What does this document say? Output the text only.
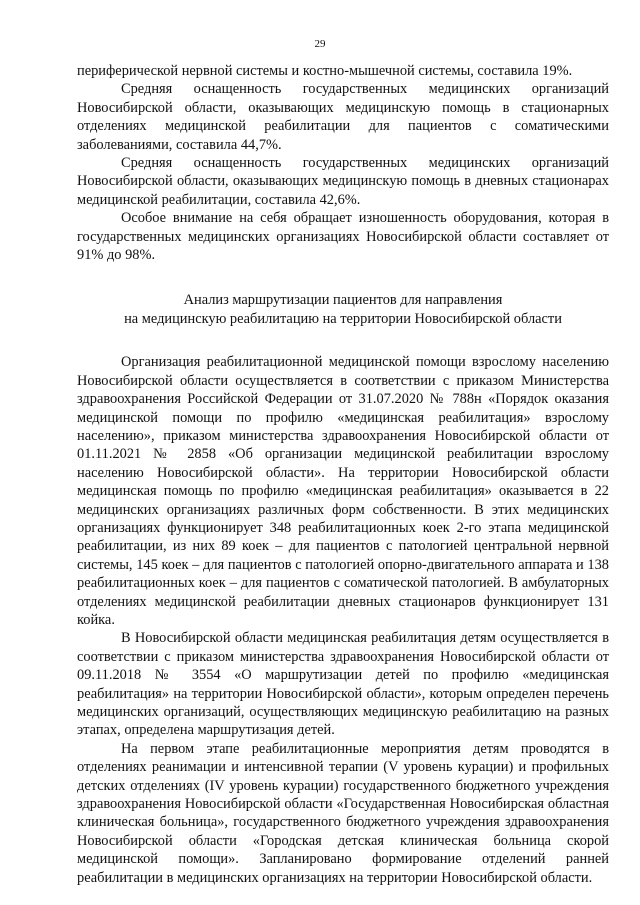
29

периферической нервной системы и костно-мышечной системы, составила 19%.

Средняя оснащенность государственных медицинских организаций Новосибирской области, оказывающих медицинскую помощь в стационарных отделениях медицинской реабилитации для пациентов с соматическими заболеваниями, составила 44,7%.

Средняя оснащенность государственных медицинских организаций Новосибирской области, оказывающих медицинскую помощь в дневных стационарах медицинской реабилитации, составила 42,6%.

Особое внимание на себя обращает изношенность оборудования, которая в государственных медицинских организациях Новосибирской области составляет от 91% до 98%.

Анализ маршрутизации пациентов для направления
на медицинскую реабилитацию на территории Новосибирской области

Организация реабилитационной медицинской помощи взрослому населению Новосибирской области осуществляется в соответствии с приказом Министерства здравоохранения Российской Федерации от 31.07.2020 № 788н «Порядок оказания медицинской помощи по профилю «медицинская реабилитация» взрослому населению», приказом министерства здравоохранения Новосибирской области от 01.11.2021 № 2858 «Об организации медицинской реабилитации взрослому населению Новосибирской области». На территории Новосибирской области медицинская помощь по профилю «медицинская реабилитация» оказывается в 22 медицинских организациях различных форм собственности. В этих медицинских организациях функционирует 348 реабилитационных коек 2-го этапа медицинской реабилитации, из них 89 коек – для пациентов с патологией центральной нервной системы, 145 коек – для пациентов с патологией опорно-двигательного аппарата и 138 реабилитационных коек – для пациентов с соматической патологией. В амбулаторных отделениях медицинской реабилитации дневных стационаров функционирует 131 койка.

В Новосибирской области медицинская реабилитация детям осуществляется в соответствии с приказом министерства здравоохранения Новосибирской области от 09.11.2018 № 3554 «О маршрутизации детей по профилю «медицинская реабилитация» на территории Новосибирской области», которым определен перечень медицинских организаций, осуществляющих медицинскую реабилитацию на разных этапах, определена маршрутизация детей.

На первом этапе реабилитационные мероприятия детям проводятся в отделениях реанимации и интенсивной терапии (V уровень курации) и профильных детских отделениях (IV уровень курации) государственного бюджетного учреждения здравоохранения Новосибирской области «Государственная Новосибирская областная клиническая больница», государственного бюджетного учреждения здравоохранения Новосибирской области «Городская детская клиническая больница скорой медицинской помощи». Запланировано формирование отделений ранней реабилитации в медицинских организациях на территории Новосибирской области.
